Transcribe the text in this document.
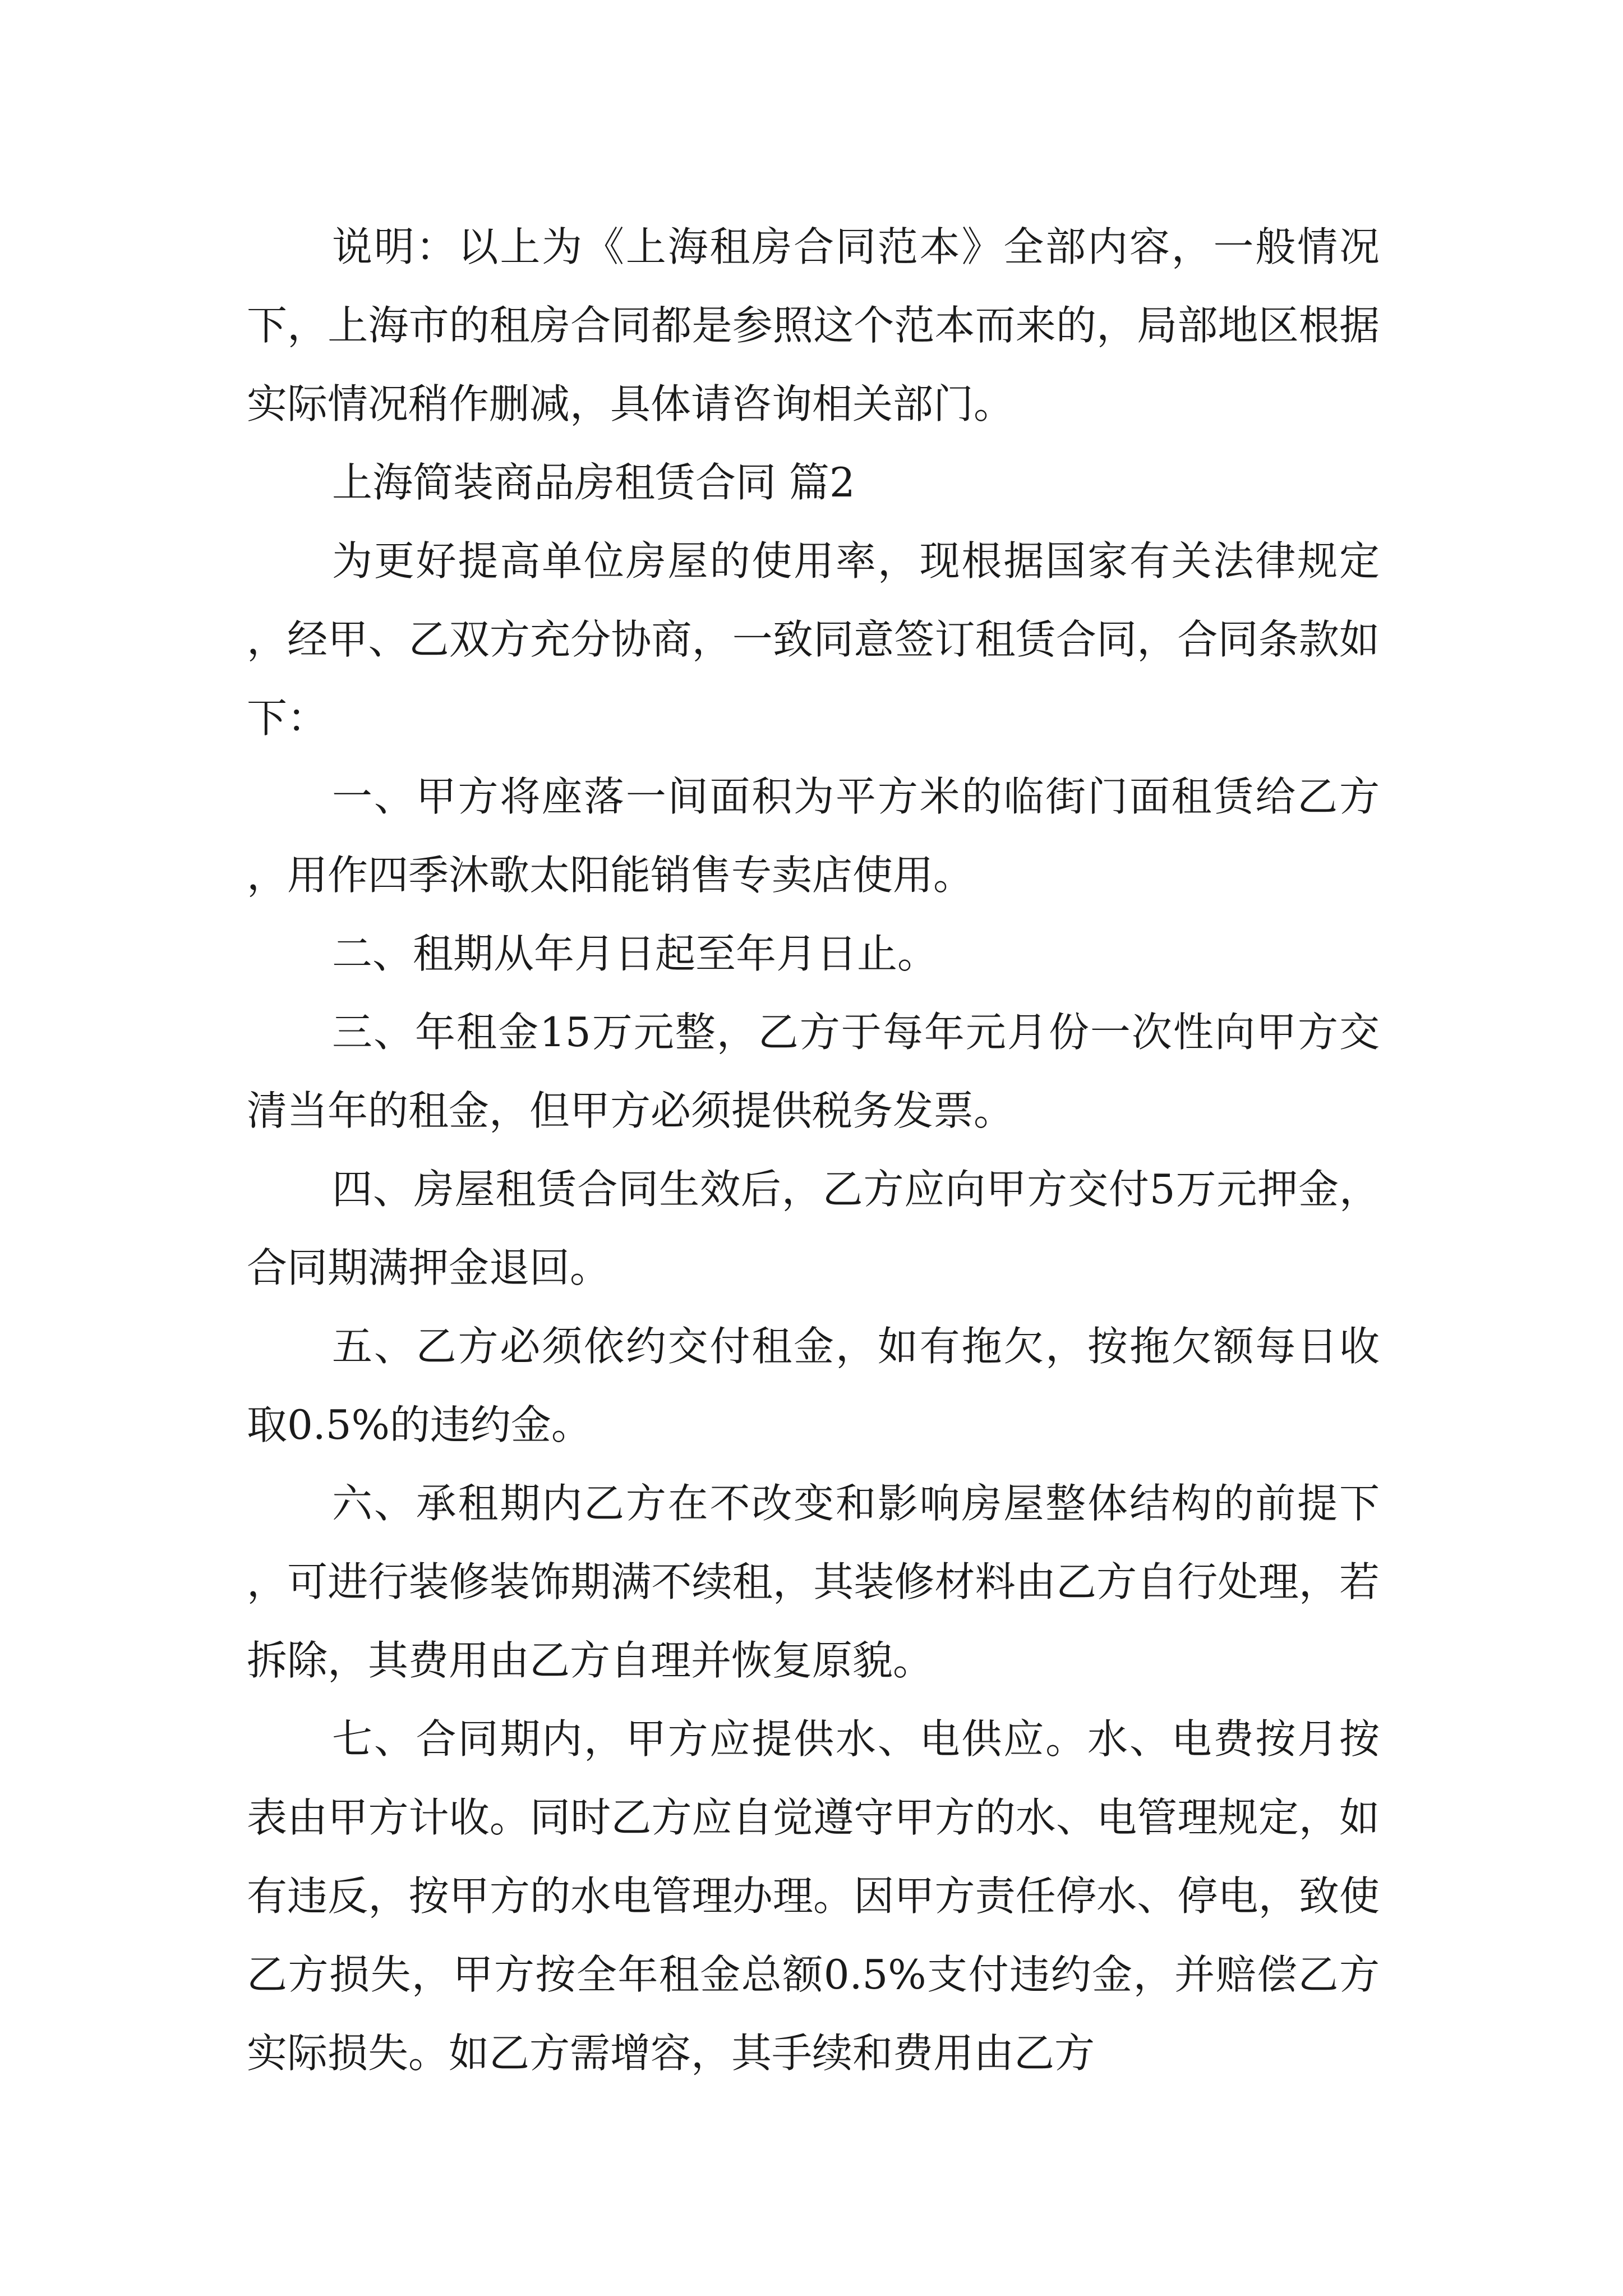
说明：以上为《上海租房合同范本》全部内容，一般情况下，上海市的租房合同都是参照这个范本而来的，局部地区根据实际情况稍作删减，具体请咨询相关部门。

上海简装商品房租赁合同 篇2

为更好提高单位房屋的使用率，现根据国家有关法律规定，经甲、乙双方充分协商，一致同意签订租赁合同，合同条款如下：

一、甲方将座落一间面积为平方米的临街门面租赁给乙方，用作四季沐歌太阳能销售专卖店使用。

二、租期从年月日起至年月日止。

三、年租金15万元整，乙方于每年元月份一次性向甲方交清当年的租金，但甲方必须提供税务发票。

四、房屋租赁合同生效后，乙方应向甲方交付5万元押金，合同期满押金退回。

五、乙方必须依约交付租金，如有拖欠，按拖欠额每日收取0.5%的违约金。

六、承租期内乙方在不改变和影响房屋整体结构的前提下，可进行装修装饰期满不续租，其装修材料由乙方自行处理，若拆除，其费用由乙方自理并恢复原貌。

七、合同期内，甲方应提供水、电供应。水、电费按月按表由甲方计收。同时乙方应自觉遵守甲方的水、电管理规定，如有违反，按甲方的水电管理办理。因甲方责任停水、停电，致使乙方损失，甲方按全年租金总额0.5%支付违约金，并赔偿乙方实际损失。如乙方需增容，其手续和费用由乙方
